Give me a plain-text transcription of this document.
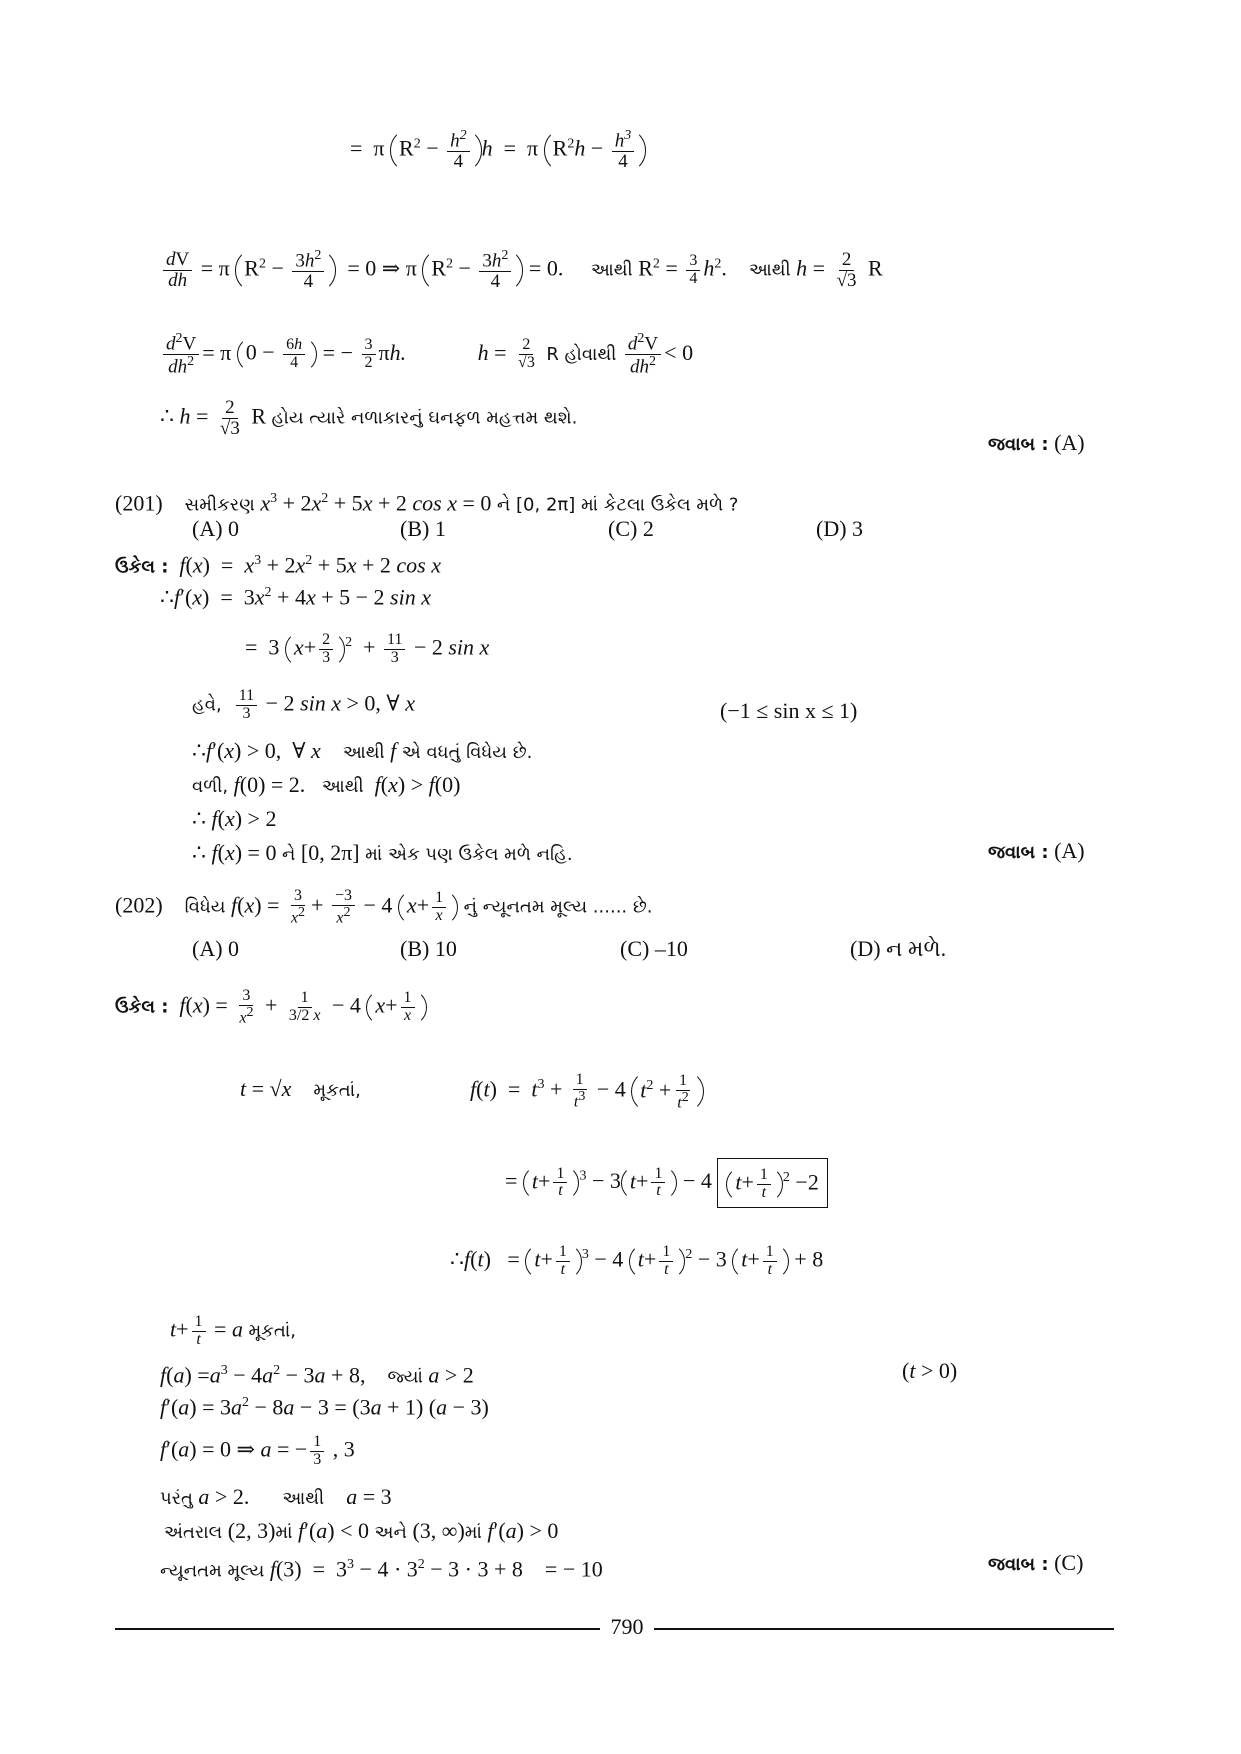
=  π $R^2 - \frac{h^2}{4}$ h  =  π $R^2h - \frac{h^3}{4}$
$\frac{dV}{dh} = \pi$ $R^2 - \frac{3h^2}{4} = 0$ ⇒ π $R^2 - \frac{3h^2}{4} = 0$.     આથી $R^2 = \frac{3}{4} h^2$.    આથી $h = \frac{2}{√3}$ R
$\frac{d^2V}{dh^2} = \pi$ $0 - \frac{6h}{4}$ = − $\frac{3}{2} \pi h$.	$h = \frac{2}{√3}$ R હોવાથી $\frac{d^2V}{dh^2} < 0$
∴ $h = \frac{2}{√3}$ R હોય ત્યારે નળાકારનું ઘનફળ મહત્તમ થશે.
જવાબ : (A)
(201) સમીકરણ $x^3 + 2x^2 + 5x + 2$ cos x = 0 ને [0, 2π] માં કેટલા ઉકેલ મળે ?
(A) 0	(B) 1	(C) 2	(D) 3
ઉકેલ : $f(x) = x^3 + 2x^2 + 5x + 2$ cos x
∴f′(x)  =  $3x^2 + 4x + 5 - 2$ sin x
=  3 $x+ \frac{2}{3} ^2 + \frac{11}{3} - 2$ sin x
હવે, $\frac{11}{3} - 2$ sin x > 0, ∀ x	(−1 ≤ sin x ≤ 1)
∴f′(x) > 0,  ∀ x આથી f એ વધતું વિધેય છે.
વળી, f(0) = 2.   આથી f(x) > f(0)
∴ f(x) > 2
∴ f(x) = 0 ને [0, 2π] માં એક પણ ઉકેલ મળે નહિ.	જવાબ : (A)
(202) વિધેય $f(x) = \frac{3}{x^2} + \frac{-3}{x^2} - 4$ $x+ \frac{1}{x}$ નું ન્યૂનતમ મૂલ્ય ...... છે.
(A) 0	(B) 10	(C) –10	(D) ન મળે.
ઉકેલ : $f(x) = \frac{3}{x^2} + \frac{1}{3/2 x} - 4$ $x+ \frac{1}{x}$
t = √x મૂકતાં,	$f(t) = t^3 + \frac{1}{t^3} - 4$ $t^2 + \frac{1}{t^2}$
= $t+ \frac{1}{t} ^3 - 3$ $t+ \frac{1}{t} - 4$ $t+ \frac{1}{t} ^2 -2$
∴f(t)   = $t+ \frac{1}{t} ^3 - 4$ $t+ \frac{1}{t} ^2 - 3$ $t+ \frac{1}{t} + 8$
$t+ \frac{1}{t} = a$ મૂકતાં,
$f(a) =a^3 - 4a^2 - 3a + 8$,    જ્યાં a > 2	(t > 0)
$f'(a) = 3a^2 - 8a - 3 = (3a + 1) (a - 3)$
f′(a) = 0 ⇒ a = − $\frac{1}{3}$ , 3
પરંતુ a > 2.      આથી a = 3
અંતરાલ (2, 3)માં f′(a) < 0 અને (3, ∞)માં f′(a) > 0
ન્યૂનતમ મૂલ્ય $f(3) = 3^3 - 4 \cdot 3^2 - 3 \cdot 3 + 8$    = − 10	જવાબ : (C)
790
